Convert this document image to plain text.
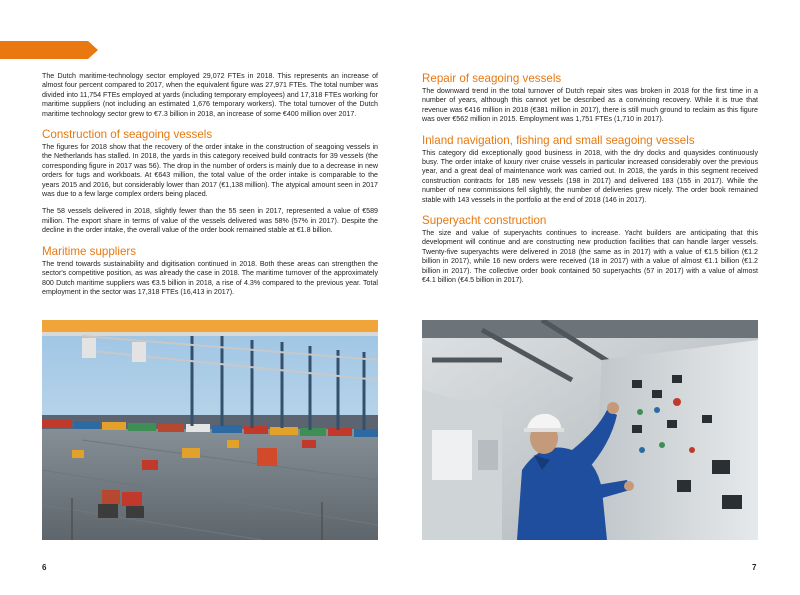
The Dutch maritime-technology sector employed 29,072 FTEs in 2018. This represents an increase of almost four percent compared to 2017, when the equivalent figure was 27,971 FTEs. The total number was divided into 11,754 FTEs employed at yards (including temporary employees) and 17,318 FTEs working for maritime suppliers (not including an estimated 1,676 temporary workers). The total turnover of the Dutch maritime technology sector grew to €7.3 billion in 2018, an increase of some €400 million over 2017.

Construction of seagoing vessels

The figures for 2018 show that the recovery of the order intake in the construction of seagoing vessels in the Netherlands has stalled. In 2018, the yards in this category received build contracts for 39 vessels (the corresponding figure in 2017 was 56). The drop in the number of orders is mainly due to a decrease in new orders for tugs and workboats. At €643 million, the total value of the order intake is comparable to the years 2015 and 2016, but considerably lower than 2017 (€1,138 million). The atypical amount seen in 2017 was due to a few large complex orders being placed.

The 58 vessels delivered in 2018, slightly fewer than the 55 seen in 2017, represented a value of €589 million. The export share in terms of value of the vessels delivered was 58% (57% in 2017). Despite the decline in the order intake, the overall value of the order book remained stable at €1.8 billion.

Maritime suppliers

The trend towards sustainability and digitisation continued in 2018. Both these areas can strengthen the sector's competitive position, as was already the case in 2018. The maritime turnover of the approximately 800 Dutch maritime suppliers was €3.5 billion in 2018, a rise of 4.3% compared to the previous year. Total employment in the sector was 17,318 FTEs (16,413 in 2017).

Repair of seagoing vessels

The downward trend in the total turnover of Dutch repair sites was broken in 2018 for the first time in a number of years, although this cannot yet be described as a convincing recovery. While it is true that revenue was €416 million in 2018 (€381 million in 2017), there is still much ground to reclaim as this figure was over €562 million in 2015. Employment was 1,751 FTEs (1,710 in 2017).

Inland navigation, fishing and small seagoing vessels

This category did exceptionally good business in 2018, with the dry docks and quaysides continuously busy. The order intake of luxury river cruise vessels in particular increased considerably over the previous year, and a great deal of maintenance work was carried out. In 2018, the yards in this segment received construction contracts for 185 new vessels (198 in 2017) and delivered 183 (155 in 2017). While the number of new commissions fell slightly, the number of deliveries grew nicely. The order book remained stable with 143 vessels in the portfolio at the end of 2018 (146 in 2017).

Superyacht construction

The size and value of superyachts continues to increase. Yacht builders are anticipating that this development will continue and are constructing new production facilities that can handle larger vessels. Twenty-five superyachts were delivered in 2018 (the same as in 2017) with a value of €1.5 billion (€1.2 billion in 2017), while 16 new orders were received (18 in 2017) with a value of almost €1.1 billion (€1.2 billion in 2017). The collective order book contained 50 superyachts (57 in 2017) with a value of almost €4.1 billion (€4.5 billion in 2017).

6	7
